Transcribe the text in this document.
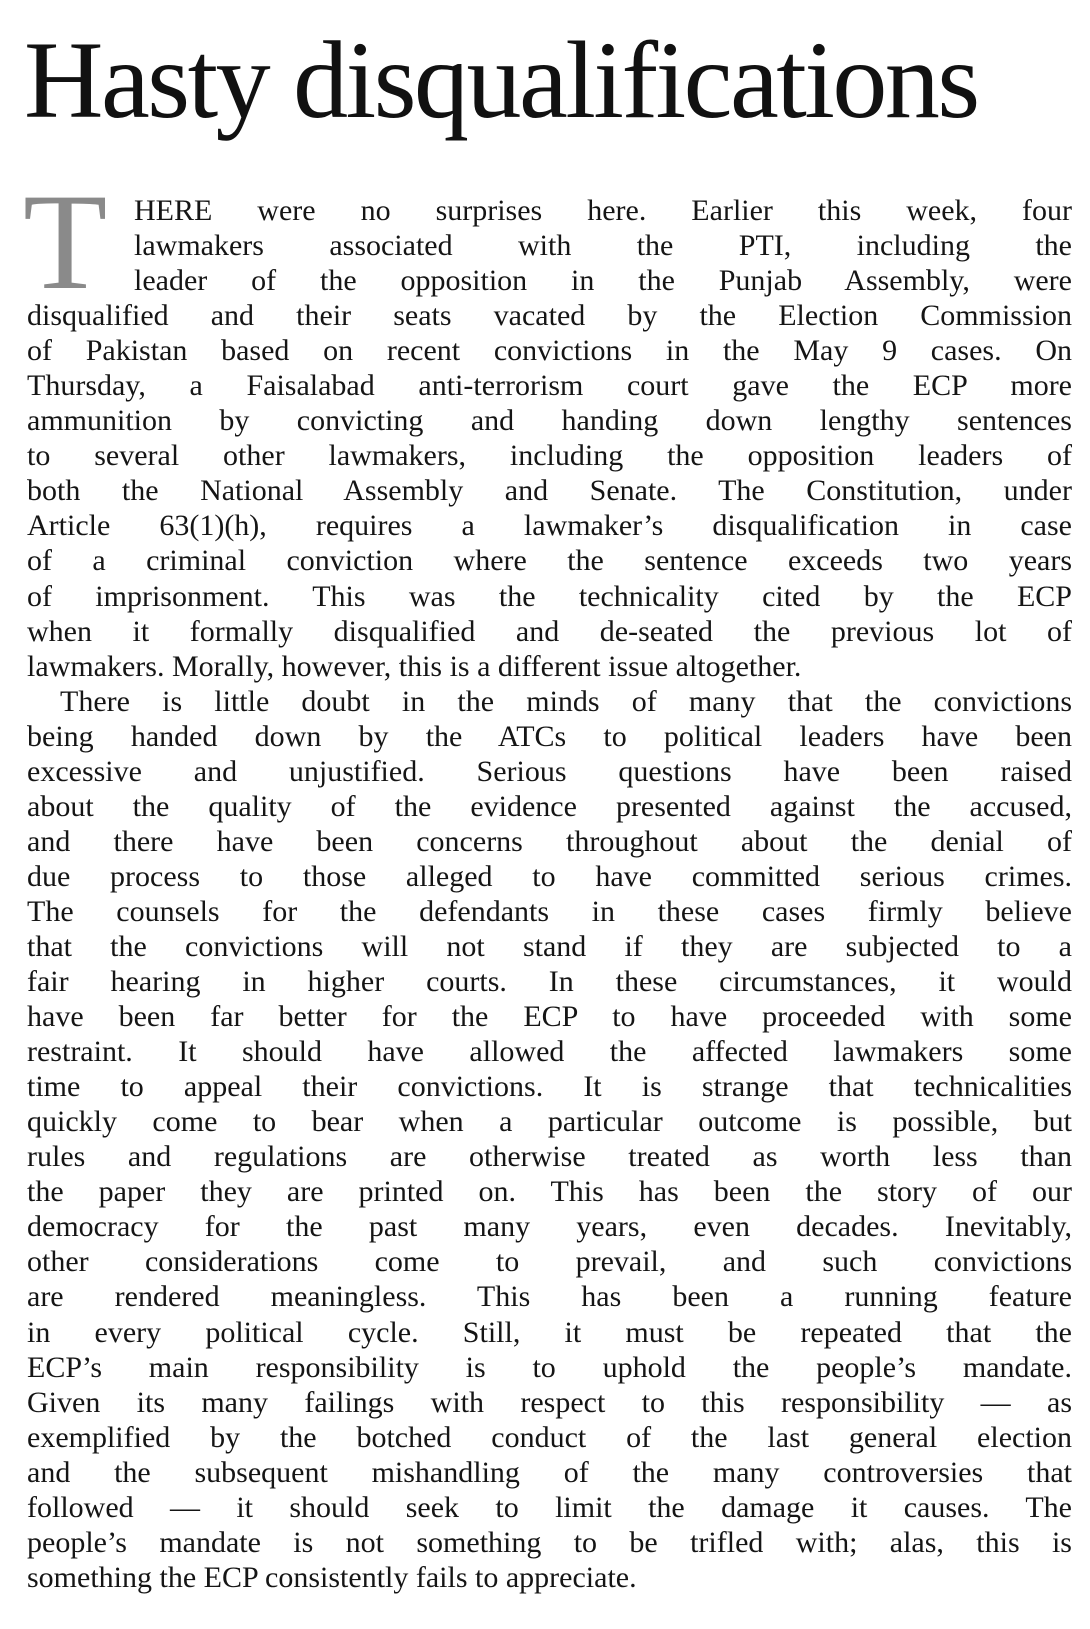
Hasty disqualifications
T HERE were no surprises here. Earlier this week, four
lawmakers associated with the PTI, including the
leader of the opposition in the Punjab Assembly, were
disqualified and their seats vacated by the Election Commission
of Pakistan based on recent convictions in the May 9 cases. On
Thursday, a Faisalabad anti-terrorism court gave the ECP more
ammunition by convicting and handing down lengthy sentences
to several other lawmakers, including the opposition leaders of
both the National Assembly and Senate. The Constitution, under
Article 63(1)(h), requires a lawmaker’s disqualification in case
of a criminal conviction where the sentence exceeds two years
of imprisonment. This was the technicality cited by the ECP
when it formally disqualified and de-seated the previous lot of
lawmakers. Morally, however, this is a different issue altogether.
There is little doubt in the minds of many that the convictions
being handed down by the ATCs to political leaders have been
excessive and unjustified. Serious questions have been raised
about the quality of the evidence presented against the accused,
and there have been concerns throughout about the denial of
due process to those alleged to have committed serious crimes.
The counsels for the defendants in these cases firmly believe
that the convictions will not stand if they are subjected to a
fair hearing in higher courts. In these circumstances, it would
have been far better for the ECP to have proceeded with some
restraint. It should have allowed the affected lawmakers some
time to appeal their convictions. It is strange that technicalities
quickly come to bear when a particular outcome is possible, but
rules and regulations are otherwise treated as worth less than
the paper they are printed on. This has been the story of our
democracy for the past many years, even decades. Inevitably,
other considerations come to prevail, and such convictions
are rendered meaningless. This has been a running feature
in every political cycle. Still, it must be repeated that the
ECP’s main responsibility is to uphold the people’s mandate.
Given its many failings with respect to this responsibility — as
exemplified by the botched conduct of the last general election
and the subsequent mishandling of the many controversies that
followed — it should seek to limit the damage it causes. The
people’s mandate is not something to be trifled with; alas, this is
something the ECP consistently fails to appreciate.
